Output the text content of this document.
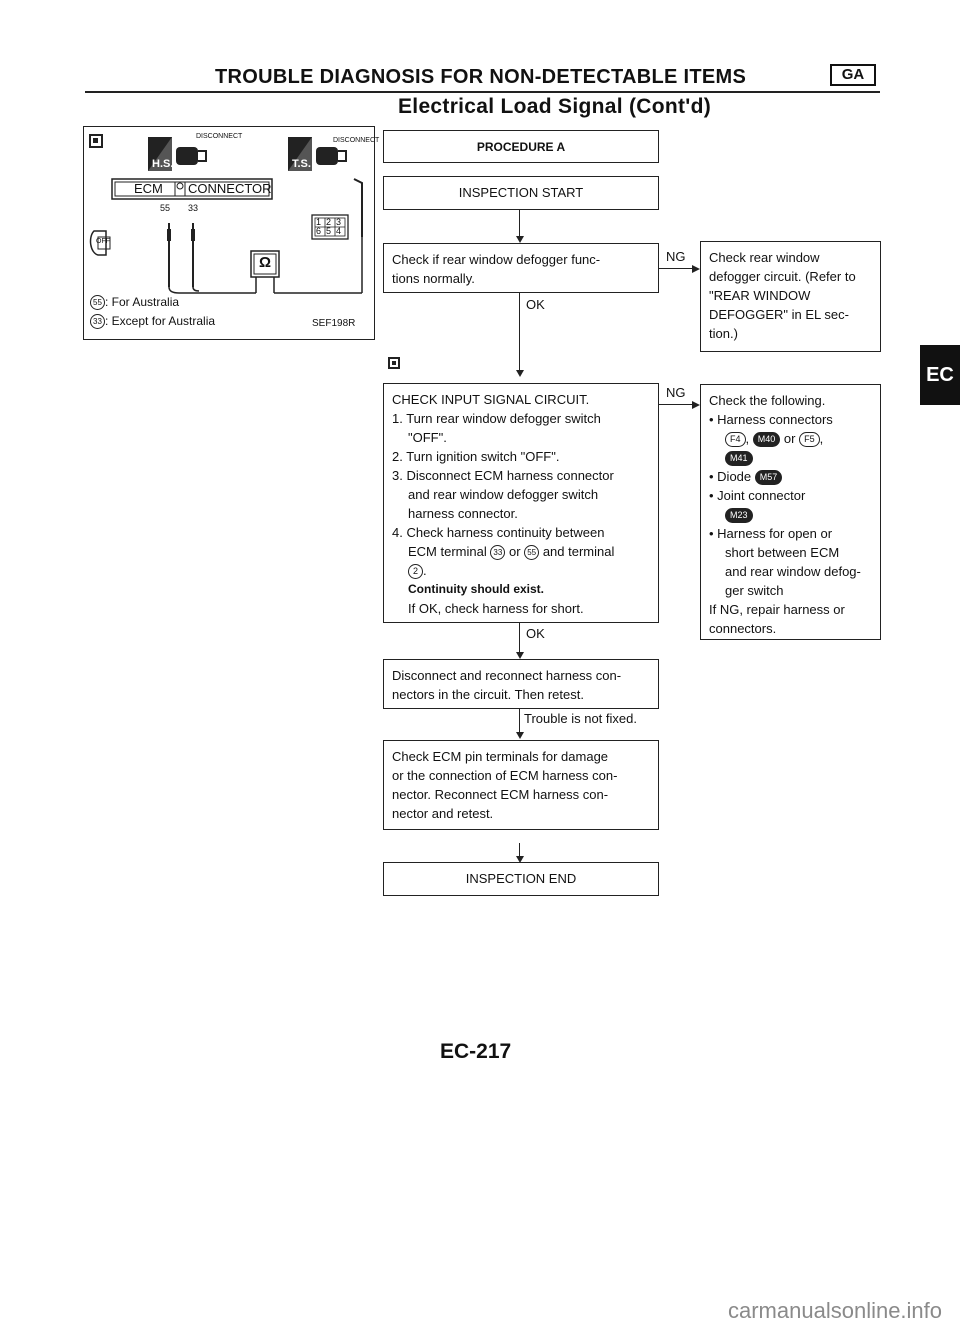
TROUBLE DIAGNOSIS FOR NON-DETECTABLE ITEMS	GA
Electrical Load Signal (Cont'd)
DISCONNECT
DISCONNECT
H.S.	T.S.
ECM CONNECTOR
55 33
1 2 3
6 5 4
OFF
Ω
55 : For Australia
33 : Except for Australia	SEF198R
PROCEDURE A
INSPECTION START
Check if rear window defogger func-
tions normally.
NG Check rear window
defogger circuit. (Refer to
"REAR WINDOW
DEFOGGER" in EL sec-
tion.)
OK
CHECK INPUT SIGNAL CIRCUIT.
1. Turn rear window defogger switch
"OFF".
2. Turn ignition switch "OFF".
3. Disconnect ECM harness connector
and rear window defogger switch
harness connector.
4. Check harness continuity between
ECM terminal 33 or 55 and terminal
2 .
Continuity should exist.
If OK, check harness for short.
NG
Check the following.
• Harness connectors
F4 , M40 or F5 ,
M41
• Diode M57
• Joint connector
M23
• Harness for open or
short between ECM
and rear window defog-
ger switch
If NG, repair harness or
connectors.
OK
Disconnect and reconnect harness con-
nectors in the circuit. Then retest.
Trouble is not fixed.
Check ECM pin terminals for damage
or the connection of ECM harness con-
nector. Reconnect ECM harness con-
nector and retest.
INSPECTION END
EC
EC-217
carmanualsonline.info
